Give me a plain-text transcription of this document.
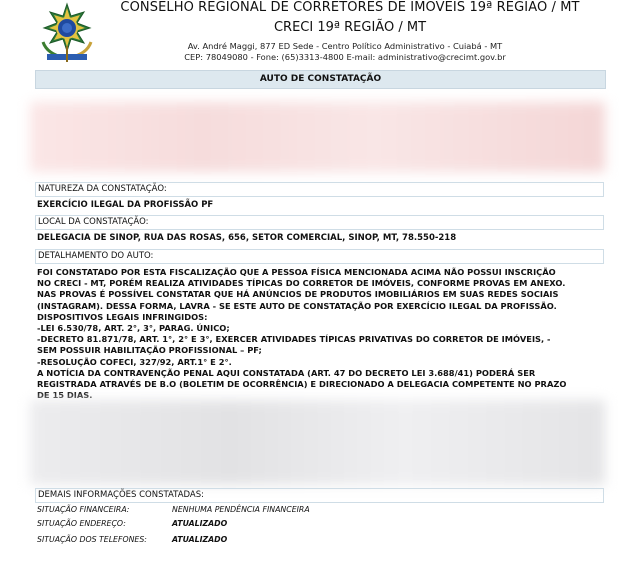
CONSELHO REGIONAL DE CORRETORES DE IMÓVEIS 19ª REGIÃO / MT
CRECI 19ª REGIÃO / MT
Av. André Maggi, 877 ED Sede - Centro Político Administrativo - Cuiabá - MT
CEP: 78049080 - Fone: (65)3313-4800 E-mail: administrativo@crecimt.gov.br
AUTO DE CONSTATAÇÃO
NATUREZA DA CONSTATAÇÃO:
EXERCÍCIO ILEGAL DA PROFISSÃO PF
LOCAL DA CONSTATAÇÃO:
DELEGACIA DE SINOP, RUA DAS ROSAS, 656, SETOR COMERCIAL, SINOP, MT, 78.550-218
DETALHAMENTO DO AUTO:
FOI CONSTATADO POR ESTA FISCALIZAÇÃO QUE A PESSOA FÍSICA MENCIONADA ACIMA NÃO POSSUI INSCRIÇÃO
NO CRECI - MT, PORÉM REALIZA ATIVIDADES TÍPICAS DO CORRETOR DE IMÓVEIS, CONFORME PROVAS EM ANEXO.
NAS PROVAS É POSSÍVEL CONSTATAR QUE HÁ ANÚNCIOS DE PRODUTOS IMOBILIÁRIOS EM SUAS REDES SOCIAIS
(INSTAGRAM). DESSA FORMA, LAVRA - SE ESTE AUTO DE CONSTATAÇÃO POR EXERCÍCIO ILEGAL DA PROFISSÃO.
DISPOSITIVOS LEGAIS INFRINGIDOS:
-LEI 6.530/78, ART. 2°, 3°, PARAG. ÚNICO;
-DECRETO 81.871/78, ART. 1°, 2° E 3°, EXERCER ATIVIDADES TÍPICAS PRIVATIVAS DO CORRETOR DE IMÓVEIS, -
SEM POSSUIR HABILITAÇÃO PROFISSIONAL – PF;
-RESOLUÇÃO COFECI, 327/92, ART.1° E 2°.
A NOTÍCIA DA CONTRAVENÇÃO PENAL AQUI CONSTATADA (ART. 47 DO DECRETO LEI 3.688/41) PODERÁ SER
REGISTRADA ATRAVÉS DE B.O (BOLETIM DE OCORRÊNCIA) E DIRECIONADO A DELEGACIA COMPETENTE NO PRAZO
DE 15 DIAS.
DEMAIS INFORMAÇÕES CONSTATADAS:
SITUAÇÃO FINANCEIRA:	NENHUMA PENDÊNCIA FINANCEIRA
SITUAÇÃO ENDEREÇO:	ATUALIZADO
SITUAÇÃO DOS TELEFONES:	ATUALIZADO
